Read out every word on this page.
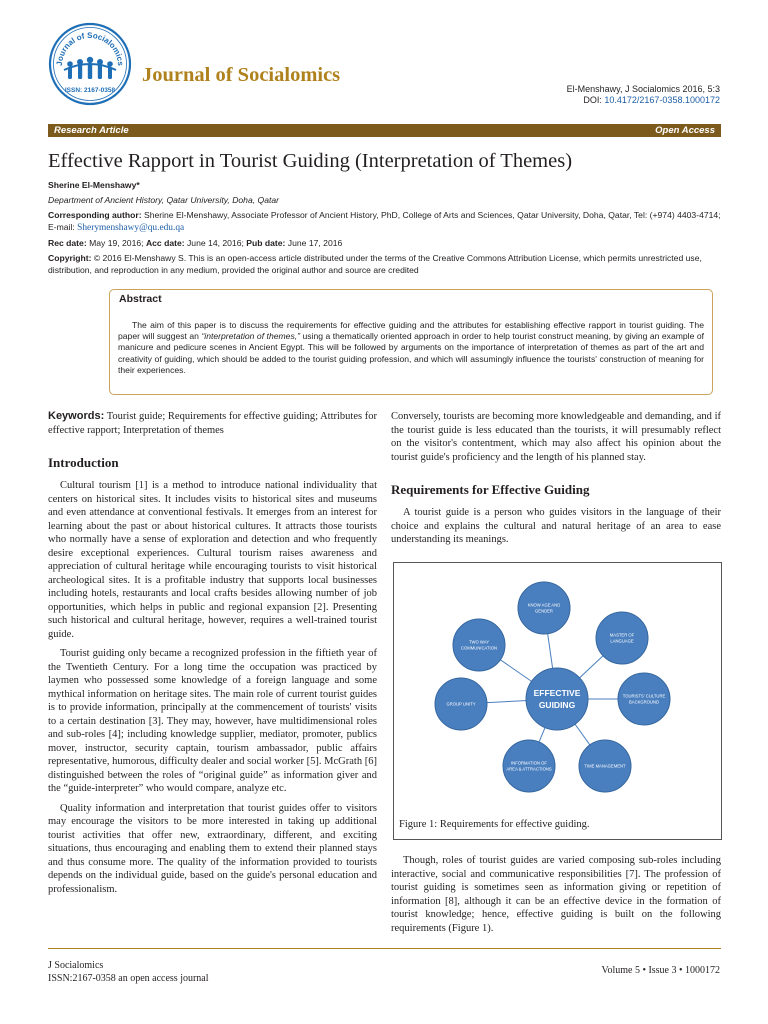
Journal of Socialomics
ISSN: 2167-0358
Journal of Socialomics
El-Menshawy, J Socialomics 2016, 5:3
DOI: 10.4172/2167-0358.1000172
Research Article	Open Access
Effective Rapport in Tourist Guiding (Interpretation of Themes)
Sherine El-Menshawy*
Department of Ancient History, Qatar University, Doha, Qatar
Corresponding author: Sherine El-Menshawy, Associate Professor of Ancient History, PhD, College of Arts and Sciences, Qatar University, Doha, Qatar, Tel: (+974) 4403-4714; E-mail: Sherymenshawy@qu.edu.qa
Rec date: May 19, 2016; Acc date: June 14, 2016; Pub date: June 17, 2016
Copyright: © 2016 El-Menshawy S. This is an open-access article distributed under the terms of the Creative Commons Attribution License, which permits unrestricted use, distribution, and reproduction in any medium, provided the original author and source are credited
Abstract
The aim of this paper is to discuss the requirements for effective guiding and the attributes for establishing effective rapport in tourist guiding. The paper will suggest an “interpretation of themes,” using a thematically oriented approach in order to help tourist construct meaning, by giving an example of manicure and pedicure scenes in Ancient Egypt. This will be followed by arguments on the importance of interpretation of themes as part of the art and creativity of guiding, which should be added to the tourist guiding profession, and which will assumingly influence the tourists' construction of meaning for their experiences.

Keywords: Tourist guide; Requirements for effective guiding; Attributes for effective rapport; Interpretation of themes

Introduction

Cultural tourism [1] is a method to introduce national individuality that centers on historical sites. It includes visits to historical sites and museums and even attendance at conventional festivals. It emerges from an interest for learning about the past or about historical cultures. It attracts those tourists who normally have a sense of exploration and detection and who frequently desire exceptional experiences. Cultural tourism raises awareness and appreciation of cultural heritage while encouraging tourists to visit historical archeological sites. It is a profitable industry that supports local businesses including hotels, restaurants and local crafts besides allowing number of job opportunities, which helps in public and regional expansion [2]. Presenting such historical and cultural heritage, however, requires a well-trained tourist guide.

Tourist guiding only became a recognized profession in the fiftieth year of the Twentieth Century. For a long time the occupation was practiced by laymen who possessed some knowledge of a foreign language and some mythical information on heritage sites. The main role of current tourist guides is to provide information, principally at the commencement of tourists' visits to a certain destination [3]. They may, however, have multidimensional roles and sub-roles [4]; including knowledge supplier, mediator, promoter, publics mover, instructor, security captain, tourism ambassador, public affairs representative, humorous, difficulty dealer and social worker [5]. McGrath [6] distinguished between the roles of “original guide” as information giver and the “guide-interpreter” who would compare, analyze etc.

Quality information and interpretation that tourist guides offer to visitors may encourage the visitors to be more interested in taking up additional tourist activities that offer new, extraordinary, different, and exciting situations, thus encouraging and enabling them to extend their planned stays and thus consume more. The quality of the information provided to tourists depends on the individual guide, based on the guide's personal education and professionalism.

Conversely, tourists are becoming more knowledgeable and demanding, and if the tourist guide is less educated than the tourists, it will presumably reflect on the visitor's contentment, which may also affect his opinion about the tourist guide's proficiency and the length of his planned stay.

Requirements for Effective Guiding

A tourist guide is a person who guides visitors in the language of their choice and explains the cultural and natural heritage of an area to ease understanding its meanings.

KNOW AGE AND
GENDER
MASTER OF
LANGUAGE
TOURISTS' CULTURE
BACKGROUND
TIME MANAGEMENT
INFORMATION OF
AREA & ATTRACTIONS
GROUP UNITY
TWO WAY
COMMUNICATION
EFFECTIVE
GUIDING
Figure 1: Requirements for effective guiding.

Though, roles of tourist guides are varied composing sub-roles including interactive, social and communicative responsibilities [7]. The profession of tourist guiding is sometimes seen as information giving or repetition of information [8], although it can be an effective device in the formation of tourist knowledge; hence, effective guiding is built on the following requirements (Figure 1).

J Socialomics
ISSN:2167-0358 an open access journal
Volume 5 • Issue 3 • 1000172
